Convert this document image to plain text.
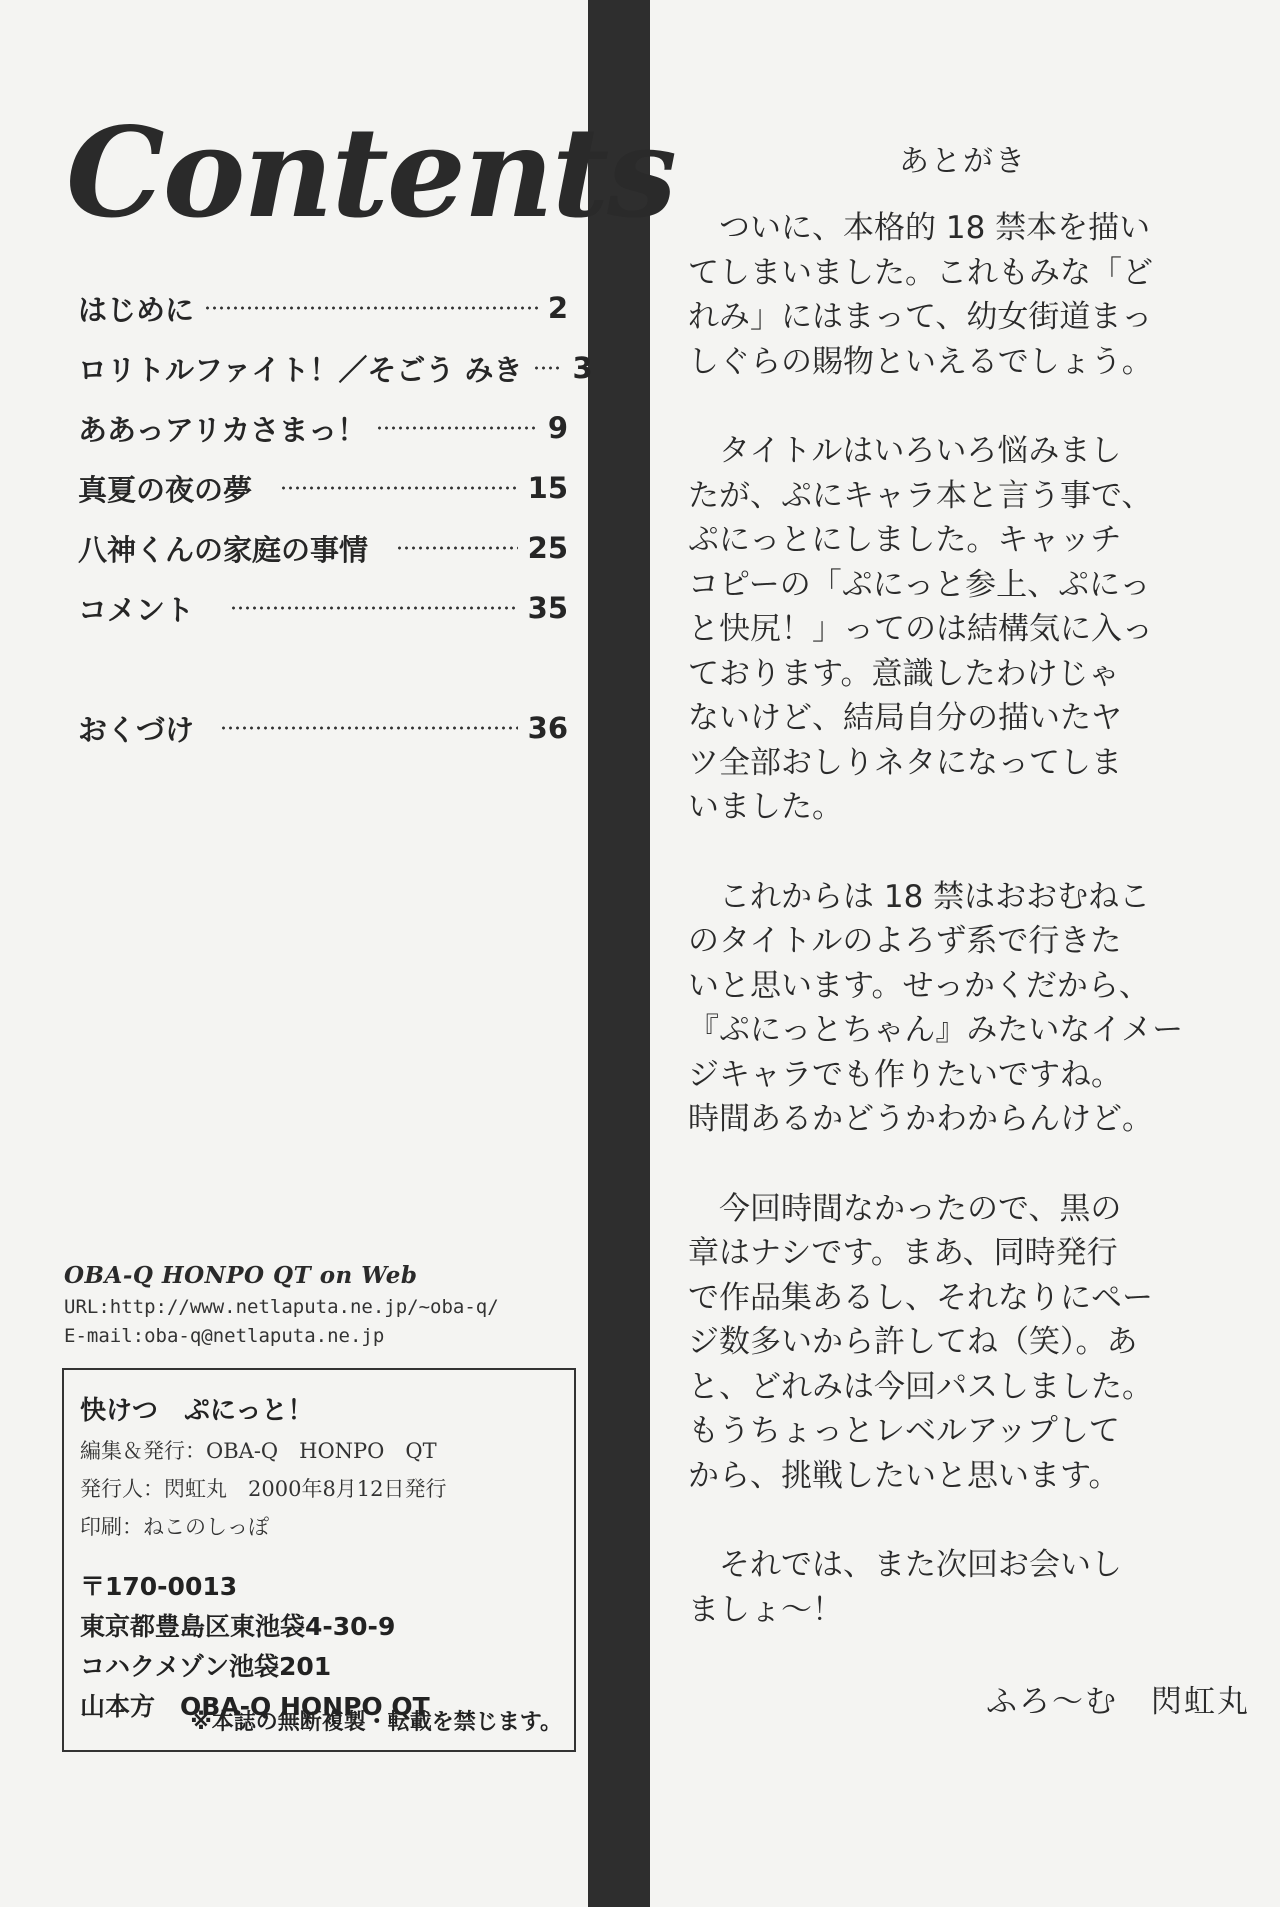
Contents
はじめに	2
ロリトルファイト！／そごう みき 3
ああっアリカさまっ！	9
真夏の夜の夢	15
八神くんの家庭の事情	25
コメント	35
おくづけ	36
OBA-Q HONPO QT on Web
URL:http://www.netlaputa.ne.jp/~oba-q/
E-mail:oba-q@netlaputa.ne.jp
快けつ　ぷにっと！
編集＆発行：OBA-Q　HONPO　QT
発行人：閃虹丸　2000年8月12日発行
印刷：ねこのしっぽ
〒170-0013
東京都豊島区東池袋4-30-9
コハクメゾン池袋201
山本方　OBA-Q HONPO QT
※本誌の無断複製・転載を禁じます。
あとがき
　ついに、本格的 18 禁本を描い
てしまいました。これもみな「ど
れみ」にはまって、幼女街道まっ
しぐらの賜物といえるでしょう。
　タイトルはいろいろ悩みまし
たが、ぷにキャラ本と言う事で、
ぷにっとにしました。キャッチ
コピーの「ぷにっと参上、ぷにっ
と快尻！」ってのは結構気に入っ
ております。意識したわけじゃ
ないけど、結局自分の描いたヤ
ツ全部おしりネタになってしま
いました。
　これからは 18 禁はおおむねこ
のタイトルのよろず系で行きた
いと思います。せっかくだから、
『ぷにっとちゃん』みたいなイメー
ジキャラでも作りたいですね。
時間あるかどうかわからんけど。
　今回時間なかったので、黒の
章はナシです。まあ、同時発行
で作品集あるし、それなりにペー
ジ数多いから許してね（笑）。あ
と、どれみは今回パスしました。
もうちょっとレベルアップして
から、挑戦したいと思います。
　それでは、また次回お会いし
ましょ～！
ふろ～む　閃虹丸
